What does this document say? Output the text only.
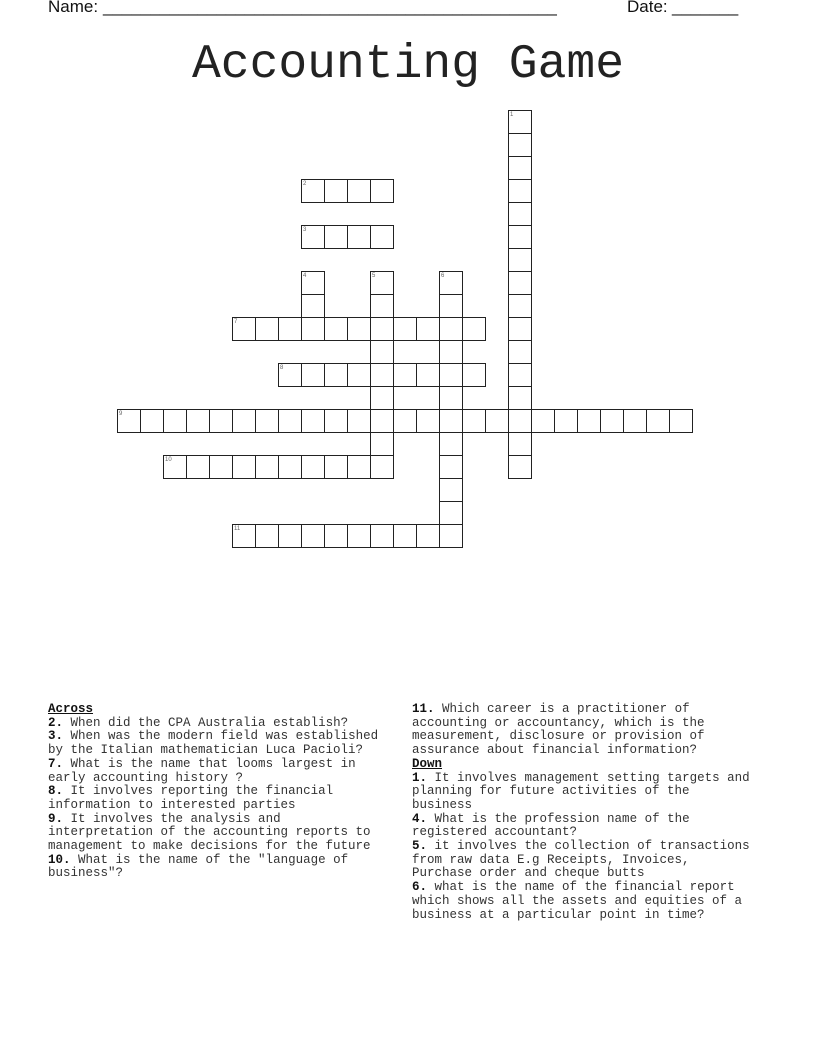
Name: ________________________________________________	Date: _______
Accounting Game
1
2
3
4	5	6
7
8
9
10
11
Across
2. When did the CPA Australia establish?
3. When was the modern field was established by the Italian mathematician Luca Pacioli?
7. What is the name that looms largest in early accounting history ?
8. It involves reporting the financial information to interested parties
9. It involves the analysis and interpretation of the accounting reports to management to make decisions for the future
10. What is the name of the "language of business"?
11. Which career is a practitioner of accounting or accountancy, which is the measurement, disclosure or provision of assurance about financial information?
Down
1. It involves management setting targets and planning for future activities of the business
4. What is the profession name of the registered accountant?
5. it involves the collection of transactions from raw data E.g Receipts, Invoices, Purchase order and cheque butts
6. what is the name of the financial report which shows all the assets and equities of a business at a particular point in time?
